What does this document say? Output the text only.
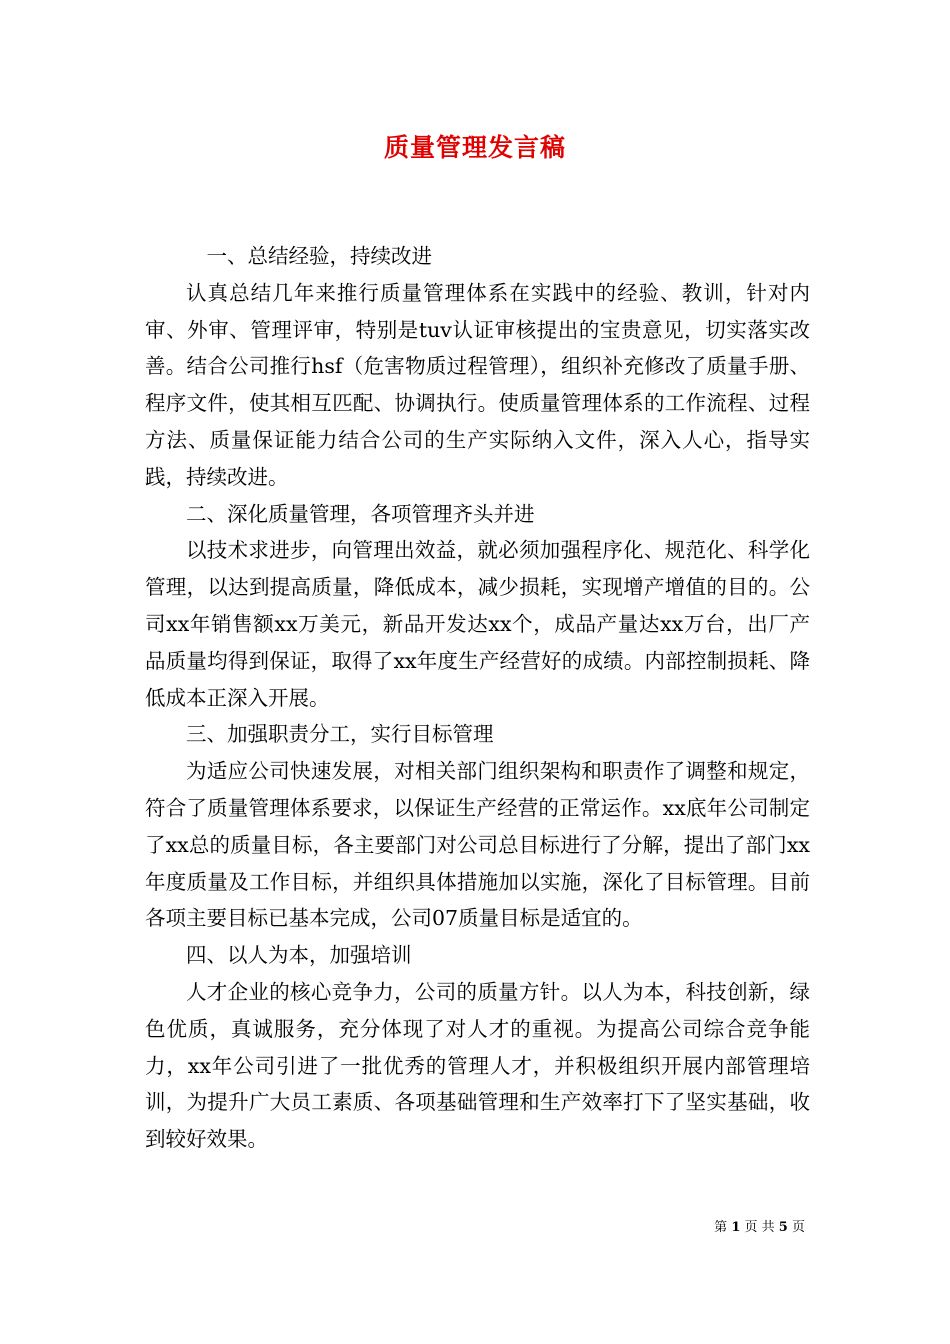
质量管理发言稿

一、总结经验，持续改进

认真总结几年来推行质量管理体系在实践中的经验、教训，针对内审、外审、管理评审，特别是tuv认证审核提出的宝贵意见，切实落实改善。结合公司推行hsf（危害物质过程管理），组织补充修改了质量手册、程序文件，使其相互匹配、协调执行。使质量管理体系的工作流程、过程方法、质量保证能力结合公司的生产实际纳入文件，深入人心，指导实践，持续改进。

二、深化质量管理，各项管理齐头并进

以技术求进步，向管理出效益，就必须加强程序化、规范化、科学化管理，以达到提高质量，降低成本，减少损耗，实现增产增值的目的。公司xx年销售额xx万美元，新品开发达xx个，成品产量达xx万台，出厂产品质量均得到保证，取得了xx年度生产经营好的成绩。内部控制损耗、降低成本正深入开展。

三、加强职责分工，实行目标管理

为适应公司快速发展，对相关部门组织架构和职责作了调整和规定，符合了质量管理体系要求，以保证生产经营的正常运作。xx底年公司制定了xx总的质量目标，各主要部门对公司总目标进行了分解，提出了部门xx年度质量及工作目标，并组织具体措施加以实施，深化了目标管理。目前各项主要目标已基本完成，公司07质量目标是适宜的。

四、以人为本，加强培训

人才企业的核心竞争力，公司的质量方针。以人为本，科技创新，绿色优质，真诚服务，充分体现了对人才的重视。为提高公司综合竞争能力，xx年公司引进了一批优秀的管理人才，并积极组织开展内部管理培训，为提升广大员工素质、各项基础管理和生产效率打下了坚实基础，收到较好效果。

第 1 页 共 5 页
